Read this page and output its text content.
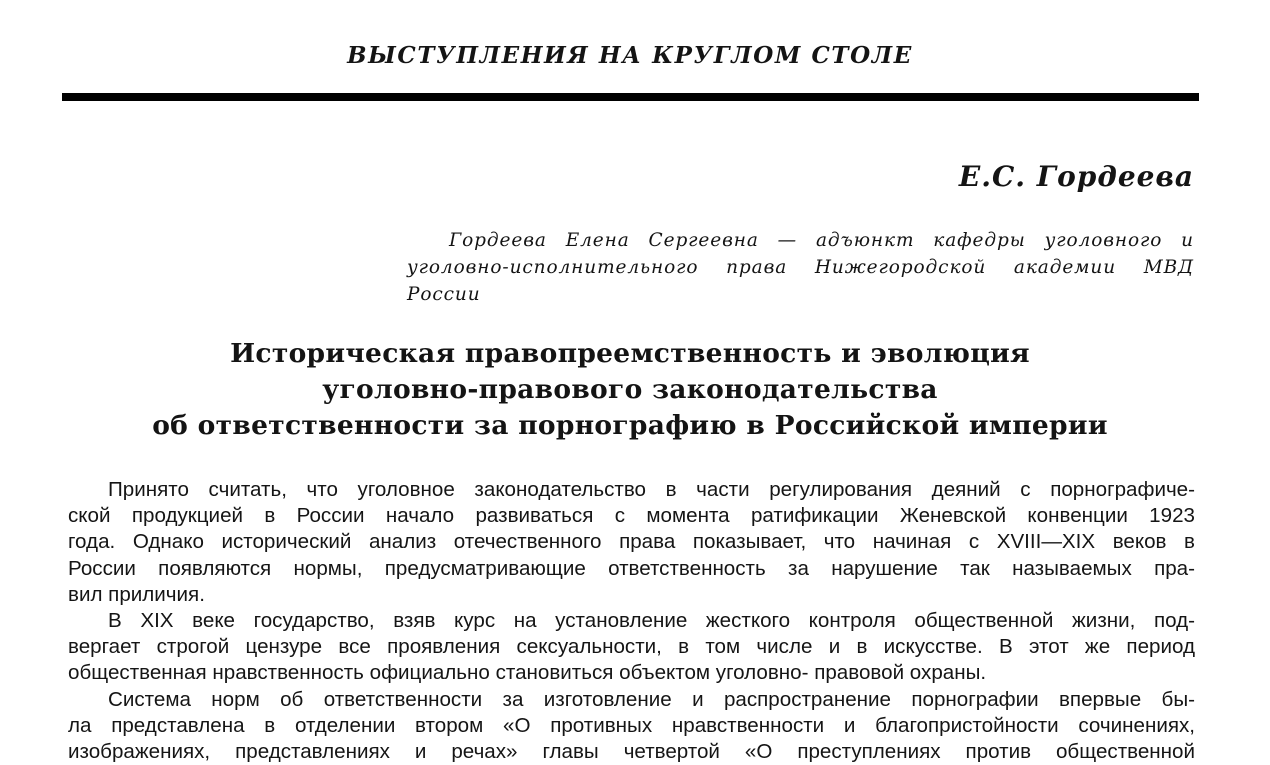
ВЫСТУПЛЕНИЯ НА КРУГЛОМ СТОЛЕ
Е.С. Гордеева
Гордеева Елена Сергеевна — адъюнкт кафедры уголовного и
уголовно-исполнительного права Нижегородской академии МВД
России
Историческая правопреемственность и эволюция
уголовно-правового законодательства
об ответственности за порнографию в Российской империи
Принято считать, что уголовное законодательство в части регулирования деяний с порнографиче-
ской продукцией в России начало развиваться с момента ратификации Женевской конвенции 1923
года. Однако исторический анализ отечественного права показывает, что начиная с XVIII—XIX веков в
России появляются нормы, предусматривающие ответственность за нарушение так называемых пра-
вил приличия.
В XIX веке государство, взяв курс на установление жесткого контроля общественной жизни, под-
вергает строгой цензуре все проявления сексуальности, в том числе и в искусстве. В этот же период
общественная нравственность официально становиться объектом уголовно- правовой охраны.
Система норм об ответственности за изготовление и распространение порнографии впервые бы-
ла представлена в отделении втором «О противных нравственности и благопристойности сочинениях,
изображениях, представлениях и речах» главы четвертой «О преступлениях против общественной
